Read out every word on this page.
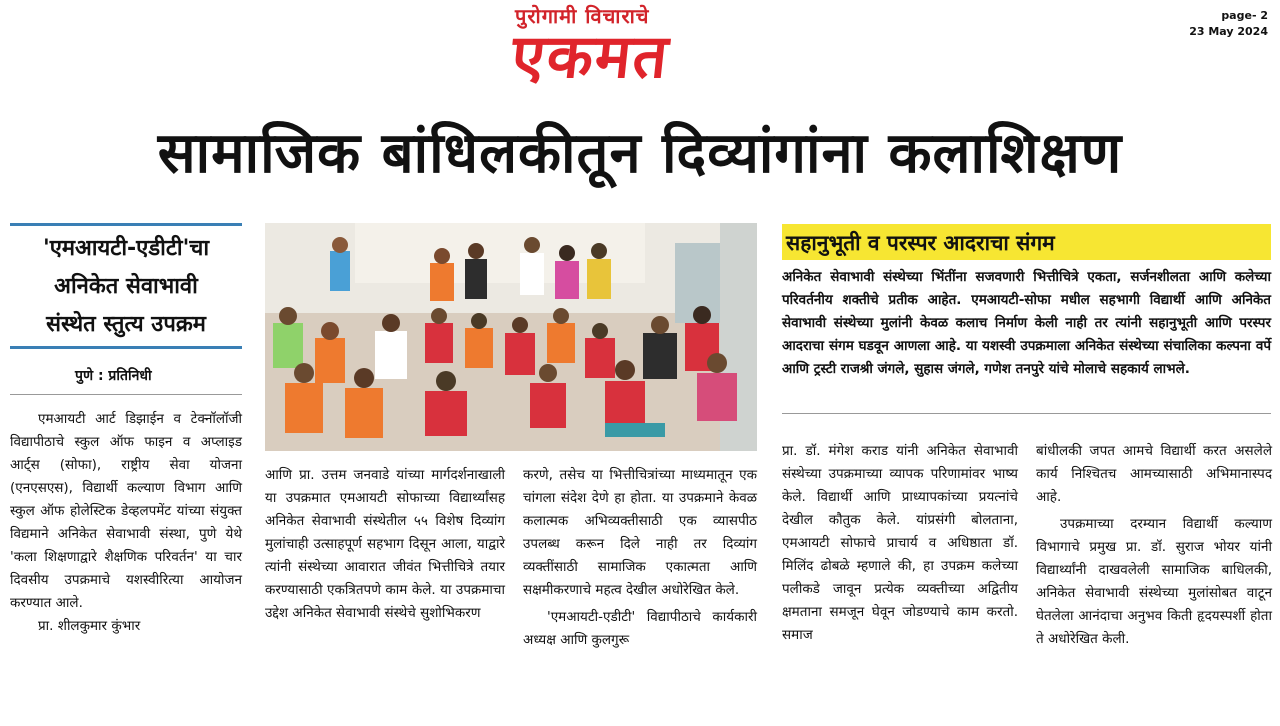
पुरोगामी विचाराचे
एकमत
page- 2
23 May 2024
सामाजिक बांधिलकीतून दिव्यांगांना कलाशिक्षण
'एमआयटी-एडीटी'चा
अनिकेत सेवाभावी
संस्थेत स्तुत्य उपक्रम
पुणे : प्रतिनिधी
एमआयटी आर्ट डिझाईन व टेक्नॉलॉजी विद्यापीठाचे स्कुल ऑफ फाइन व अप्लाइड आर्ट्स (सोफा), राष्ट्रीय सेवा योजना (एनएसएस), विद्यार्थी कल्याण विभाग आणि स्कुल ऑफ होलेस्टिक डेव्हलपमेंट यांच्या संयुक्त विद्यमाने अनिकेत सेवाभावी संस्था, पुणे येथे 'कला शिक्षणाद्वारे शैक्षणिक परिवर्तन' या चार दिवसीय उपक्रमाचे यशस्वीरित्या आयोजन करण्यात आले.
प्रा. शीलकुमार कुंभार
आणि प्रा. उत्तम जनवाडे यांच्या मार्गदर्शनाखाली या उपक्रमात एमआयटी सोफाच्या विद्यार्थ्यांसह अनिकेत सेवाभावी संस्थेतील ५५ विशेष दिव्यांग मुलांचाही उत्साहपूर्ण सहभाग दिसून आला, याद्वारे त्यांनी संस्थेच्या आवारात जीवंत भित्तीचित्रे तयार करण्यासाठी एकत्रितपणे काम केले. या उपक्रमाचा उद्देश अनिकेत सेवाभावी संस्थेचे सुशोभिकरण
करणे, तसेच या भित्तीचित्रांच्या माध्यमातून एक चांगला संदेश देणे हा होता. या उपक्रमाने केवळ कलात्मक अभिव्यक्तीसाठी एक व्यासपीठ उपलब्ध करून दिले नाही तर दिव्यांग व्यक्तींसाठी सामाजिक एकात्मता आणि सक्षमीकरणाचे महत्व देखील अधोरेखित केले.
'एमआयटी-एडीटी' विद्यापीठाचे कार्यकारी अध्यक्ष आणि कुलगुरू
सहानुभूती व परस्पर आदराचा संगम
अनिकेत सेवाभावी संस्थेच्या भिंतींना सजवणारी भित्तीचित्रे एकता, सर्जनशीलता आणि कलेच्या परिवर्तनीय शक्तीचे प्रतीक आहेत. एमआयटी-सोफा मधील सहभागी विद्यार्थी आणि अनिकेत सेवाभावी संस्थेच्या मुलांनी केवळ कलाच निर्माण केली नाही तर त्यांनी सहानुभूती आणि परस्पर आदराचा संगम घडवून आणला आहे. या यशस्वी उपक्रमाला अनिकेत संस्थेच्या संचालिका कल्पना वर्पे आणि ट्रस्टी राजश्री जंगले, सुहास जंगले, गणेश तनपुरे यांचे मोलाचे सहकार्य लाभले.
प्रा. डॉ. मंगेश कराड यांनी अनिकेत सेवाभावी संस्थेच्या उपक्रमाच्या व्यापक परिणामांवर भाष्य केले. विद्यार्थी आणि प्राध्यापकांच्या प्रयत्नांचे देखील कौतुक केले. यांप्रसंगी बोलताना, एमआयटी सोफाचे प्राचार्य व अधिष्ठाता डॉ. मिलिंद ढोबळे म्हणाले की, हा उपक्रम कलेच्या पलीकडे जावून प्रत्येक व्यक्तीच्या अद्वितीय क्षमताना समजून घेवून जोडण्याचे काम करतो. समाज
बांधीलकी जपत आमचे विद्यार्थी करत असलेले कार्य निश्चितच आमच्यासाठी अभिमानास्पद आहे.
उपक्रमाच्या दरम्यान विद्यार्थी कल्याण विभागाचे प्रमुख प्रा. डॉ. सुराज भोयर यांनी विद्यार्थ्यांनी दाखवलेली सामाजिक बाधिलकी, अनिकेत सेवाभावी संस्थेच्या मुलांसोबत वाटून घेतलेला आनंदाचा अनुभव किती हृदयस्पर्शी होता ते अधोरेखित केली.
